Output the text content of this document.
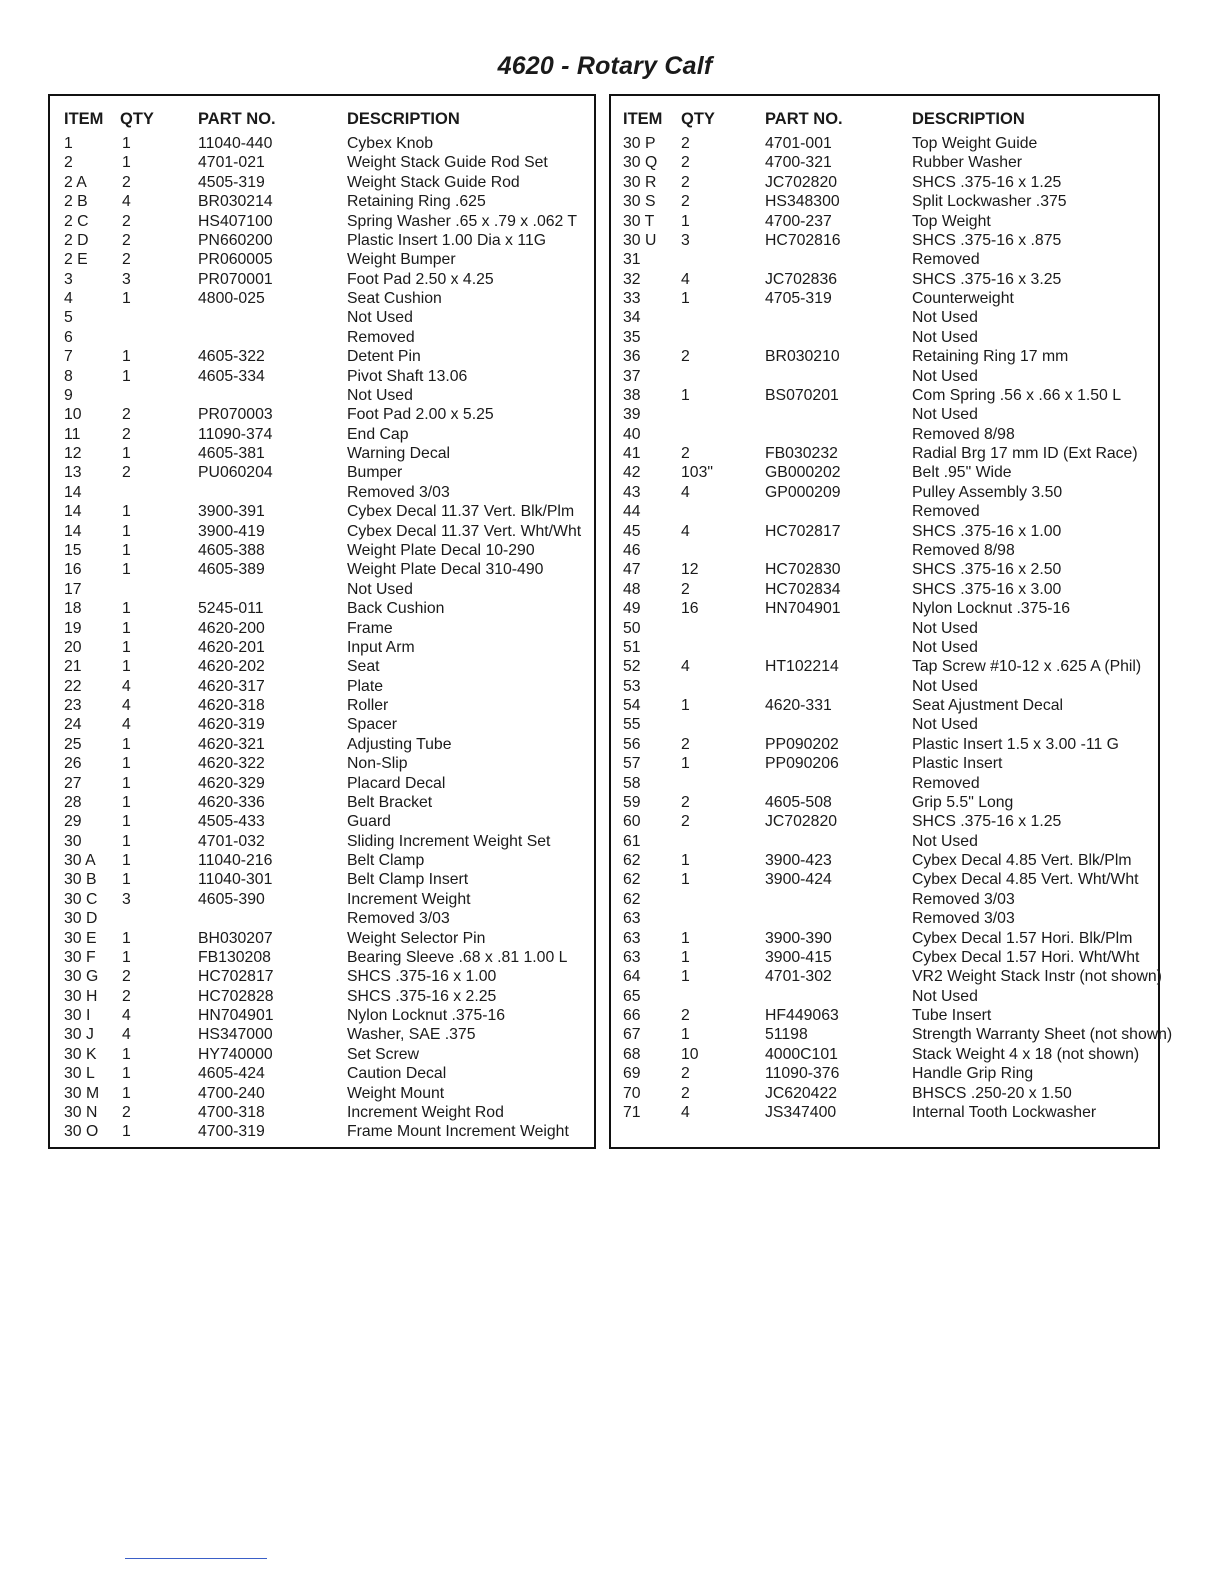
4620 - Rotary Calf
ITEM QTY	PART NO.	DESCRIPTION
1	1	11040-440	Cybex Knob
2	1	4701-021	Weight Stack Guide Rod Set
2 A 2	4505-319	Weight Stack Guide Rod
2 B 4	BR030214	Retaining Ring .625
2 C 2	HS407100	Spring Washer .65 x .79 x .062 T
2 D 2	PN660200	Plastic Insert 1.00 Dia x 11G
2 E 2	PR060005	Weight Bumper
3	3	PR070001	Foot Pad 2.50 x 4.25
4	1	4800-025	Seat Cushion
5	Not Used
6	Removed
7	1	4605-322	Detent Pin
8	1	4605-334	Pivot Shaft 13.06
9	Not Used
10	2	PR070003	Foot Pad 2.00 x 5.25
11	2	11090-374	End Cap
12	1	4605-381	Warning Decal
13	2	PU060204	Bumper
14	Removed 3/03
14	1	3900-391	Cybex Decal 11.37 Vert. Blk/Plm
14	1	3900-419	Cybex Decal 11.37 Vert. Wht/Wht
15	1	4605-388	Weight Plate Decal 10-290
16	1	4605-389	Weight Plate Decal 310-490
17	Not Used
18	1	5245-011	Back Cushion
19	1	4620-200	Frame
20	1	4620-201	Input Arm
21	1	4620-202	Seat
22	4	4620-317	Plate
23	4	4620-318	Roller
24	4	4620-319	Spacer
25	1	4620-321	Adjusting Tube
26	1	4620-322	Non-Slip
27	1	4620-329	Placard Decal
28	1	4620-336	Belt Bracket
29	1	4505-433	Guard
30	1	4701-032	Sliding Increment Weight Set
30 A 1	11040-216	Belt Clamp
30 B 1	11040-301	Belt Clamp Insert
30 C 3	4605-390	Increment Weight
30 D	Removed 3/03
30 E 1	BH030207	Weight Selector Pin
30 F 1	FB130208	Bearing Sleeve .68 x .81 1.00 L
30 G 2	HC702817	SHCS .375-16 x 1.00
30 H 2	HC702828	SHCS .375-16 x 2.25
30 I 4	HN704901	Nylon Locknut .375-16
30 J 4	HS347000	Washer, SAE .375
30 K 1	HY740000	Set Screw
30 L 1	4605-424	Caution Decal
30 M 1	4700-240	Weight Mount
30 N 2	4700-318	Increment Weight Rod
30 O 1	4700-319	Frame Mount Increment Weight
ITEM QTY	PART NO.	DESCRIPTION
30 P 2	4701-001	Top Weight Guide
30 Q 2	4700-321	Rubber Washer
30 R 2	JC702820	SHCS .375-16 x 1.25
30 S 2	HS348300	Split Lockwasher .375
30 T 1	4700-237	Top Weight
30 U 3	HC702816	SHCS .375-16 x .875
31	Removed
32	4	JC702836	SHCS .375-16 x 3.25
33	1	4705-319	Counterweight
34	Not Used
35	Not Used
36	2	BR030210	Retaining Ring 17 mm
37	Not Used
38	1	BS070201	Com Spring .56 x .66 x 1.50 L
39	Not Used
40	Removed 8/98
41	2	FB030232	Radial Brg 17 mm ID (Ext Race)
42	103"	GB000202	Belt .95" Wide
43	4	GP000209	Pulley Assembly 3.50
44	Removed
45	4	HC702817	SHCS .375-16 x 1.00
46	Removed 8/98
47	12	HC702830	SHCS .375-16 x 2.50
48	2	HC702834	SHCS .375-16 x 3.00
49	16	HN704901	Nylon Locknut .375-16
50	Not Used
51	Not Used
52	4	HT102214	Tap Screw #10-12 x .625 A (Phil)
53	Not Used
54	1	4620-331	Seat Ajustment Decal
55	Not Used
56	2	PP090202	Plastic Insert 1.5 x 3.00 -11 G
57	1	PP090206	Plastic Insert
58	Removed
59	2	4605-508	Grip 5.5" Long
60	2	JC702820	SHCS .375-16 x 1.25
61	Not Used
62	1	3900-423	Cybex Decal 4.85 Vert. Blk/Plm
62	1	3900-424	Cybex Decal 4.85 Vert. Wht/Wht
62	Removed 3/03
63	Removed 3/03
63	1	3900-390	Cybex Decal 1.57 Hori. Blk/Plm
63	1	3900-415	Cybex Decal 1.57 Hori. Wht/Wht
64	1	4701-302	VR2 Weight Stack Instr (not shown)
65	Not Used
66	2	HF449063	Tube Insert
67	1	51198	Strength Warranty Sheet (not shown)
68	10	4000C101	Stack Weight 4 x 18 (not shown)
69	2	11090-376	Handle Grip Ring
70	2	JC620422	BHSCS .250-20 x 1.50
71	4	JS347400	Internal Tooth Lockwasher
